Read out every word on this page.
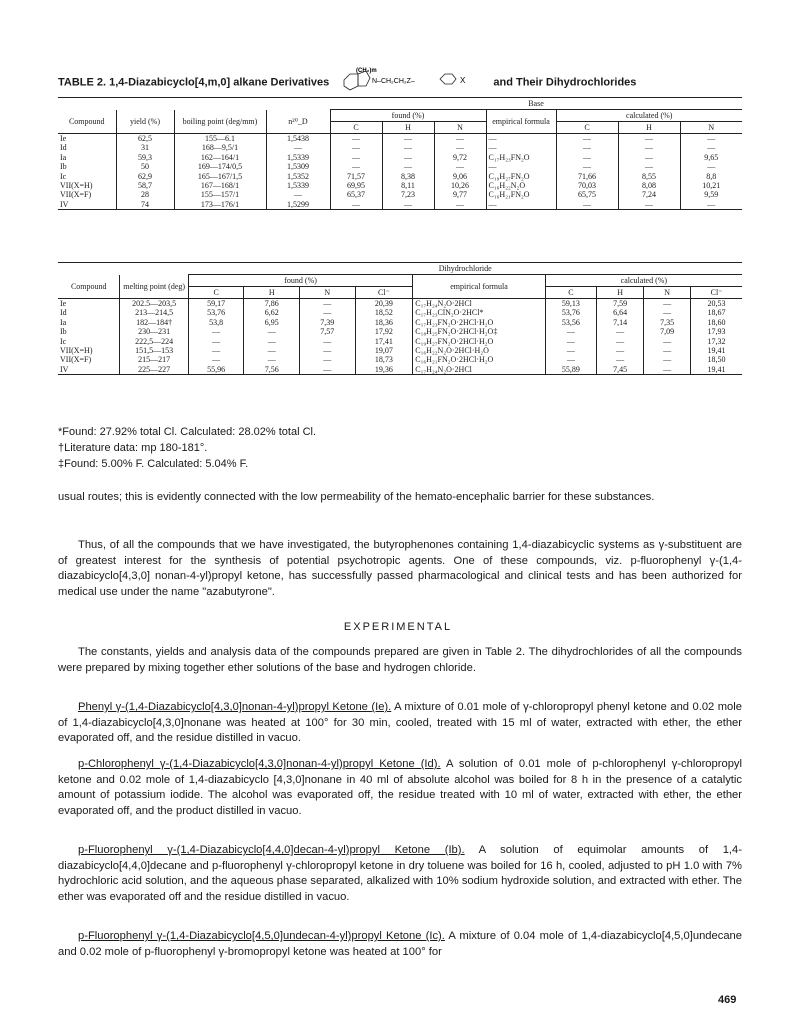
TABLE 2. 1,4-Diazabicyclo[4,m,0] alkane Derivatives
(CH₂)m
N–CH₂CH₂Z–	X	and Their Dihydrochlorides
				Base						
Compound	yield (%)	boiling point (deg/mm)	n²⁰_D	found (%)			empirical formula	calculated (%)		
				C	H	N		C	H	N
Ie	62,5	155—6.1	1,5438	—	—	—	—	—	—	—
Id	31	168—9,5/1	—	—	—	—	—	—	—	—
Ia	59,3	162—164/1	1,5339	—	—	9,72	C₁₇H₂₃FN₂O	—	—	9,65
Ib	50	169—174/0,5	1,5309	—	—	—	—	—	—	—
Ic	62,9	165—167/1,5	1,5352	71,57	8,38	9,06	C₁₉H₂₇FN₂O	71,66	8,55	8,8
VII(X=H)	58,7	167—168/1	1,5339	69,95	8,11	10,26	C₁₆H₂₂N₂O	70,03	8,08	10,21
VII(X=F)	28	155—157/1	—	65,37	7,23	9,77	C₁₆H₂₁FN₂O	65,75	7,24	9,59
IV	74	173—176/1	1,5299	—	—	—	—	—	—	—
		Dihydrochloride								
Compound	melting point (deg)	found (%)				empirical formula	calculated (%)			
		C	H	N	Cl⁻		C	H	N	Cl⁻
Ie	202.5—203,5	59,17	7,86	—	20,39	C₁₇H₂₄N₂O·2HCl	59,13	7,59	—	20,53
Id	213—214,5	53,76	6,62	—	18,52	C₁₇H₂₃ClN₂O·2HCl*	53,76	6,64	—	18,67
Ia	182—184†	53,8	6,95	7,39	18,36	C₁₇H₂₃FN₂O·2HCl·H₂O	53,56	7,14	7,35	18,60
Ib	230—231	—	—	7,57	17,92	C₁₈H₂₅FN₂O·2HCl·H₂O‡	—	—	7,09	17,93
Ic	222,5—224	—	—	—	17,41	C₁₉H₂₇FN₂O·2HCl·H₂O	—	—	—	17,32
VII(X=H)	151,5—153	—	—	—	19,07	C₁₆H₂₂N₂O·2HCl·H₂O	—	—	—	19,41
VII(X=F)	215—217	—	—	—	18,73	C₁₆H₂₁FN₂O·2HCl·H₂O	—	—	—	18,50
IV	225—227	55,96	7,56	—	19,36	C₁₇H₂₄N₂O·2HCl	55,89	7,45	—	19,41
*Found: 27.92% total Cl. Calculated: 28.02% total Cl.
†Literature data: mp 180-181°.
‡Found: 5.00% F. Calculated: 5.04% F.

usual routes; this is evidently connected with the low permeability of the hemato-encephalic barrier for these substances.

Thus, of all the compounds that we have investigated, the butyrophenones containing 1,4-diazabicyclic systems as γ-substituent are of greatest interest for the synthesis of potential psychotropic agents. One of these compounds, viz. p-fluorophenyl γ-(1,4-diazabicyclo[4,3,0] nonan-4-yl)propyl ketone, has successfully passed pharmacological and clinical tests and has been authorized for medical use under the name "azabutyrone".

EXPERIMENTAL

The constants, yields and analysis data of the compounds prepared are given in Table 2. The dihydrochlorides of all the compounds were prepared by mixing together ether solutions of the base and hydrogen chloride.

Phenyl γ-(1,4-Diazabicyclo[4,3,0]nonan-4-yl)propyl Ketone (Ie). A mixture of 0.01 mole of γ-chloropropyl phenyl ketone and 0.02 mole of 1,4-diazabicyclo[4,3,0]nonane was heated at 100° for 30 min, cooled, treated with 15 ml of water, extracted with ether, the ether evaporated off, and the residue distilled in vacuo.

p-Chlorophenyl γ-(1,4-Diazabicyclo[4,3,0]nonan-4-yl)propyl Ketone (Id). A solution of 0.01 mole of p-chlorophenyl γ-chloropropyl ketone and 0.02 mole of 1,4-diazabicyclo [4,3,0]nonane in 40 ml of absolute alcohol was boiled for 8 h in the presence of a catalytic amount of potassium iodide. The alcohol was evaporated off, the residue treated with 10 ml of water, extracted with ether, the ether evaporated off, and the product distilled in vacuo.

p-Fluorophenyl γ-(1,4-Diazabicyclo[4,4,0]decan-4-yl)propyl Ketone (Ib). A solution of equimolar amounts of 1,4-diazabicyclo[4,4,0]decane and p-fluorophenyl γ-chloropropyl ketone in dry toluene was boiled for 16 h, cooled, adjusted to pH 1.0 with 7% hydrochloric acid solution, and the aqueous phase separated, alkalized with 10% sodium hydroxide solution, and extracted with ether. The ether was evaporated off and the residue distilled in vacuo.

p-Fluorophenyl γ-(1,4-Diazabicyclo[4,5,0]undecan-4-yl)propyl Ketone (Ic). A mixture of 0.04 mole of 1,4-diazabicyclo[4,5,0]undecane and 0.02 mole of p-fluorophenyl γ-bromopropyl ketone was heated at 100° for

469
